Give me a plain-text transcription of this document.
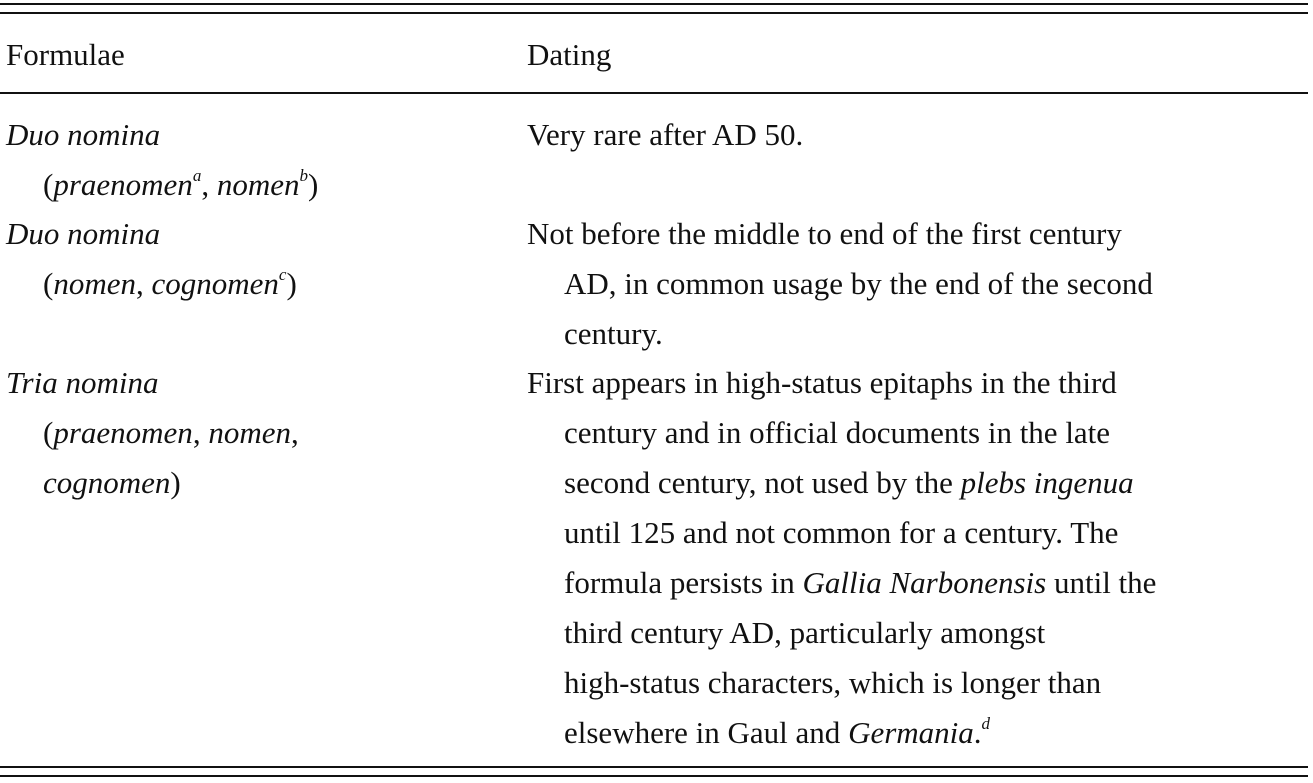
Formulae	Dating
Duo nomina
(praenomen$^a$, nomen$^b$)
Very rare after AD 50.
Duo nomina
(nomen, cognomen$^c$)
Not before the middle to end of the first century
AD, in common usage by the end of the second
century.
Tria nomina
(praenomen, nomen,
cognomen)
First appears in high-status epitaphs in the third
century and in official documents in the late
second century, not used by the plebs ingenua
until 125 and not common for a century. The
formula persists in Gallia Narbonensis until the
third century AD, particularly amongst
high-status characters, which is longer than
elsewhere in Gaul and Germania.$^d$
